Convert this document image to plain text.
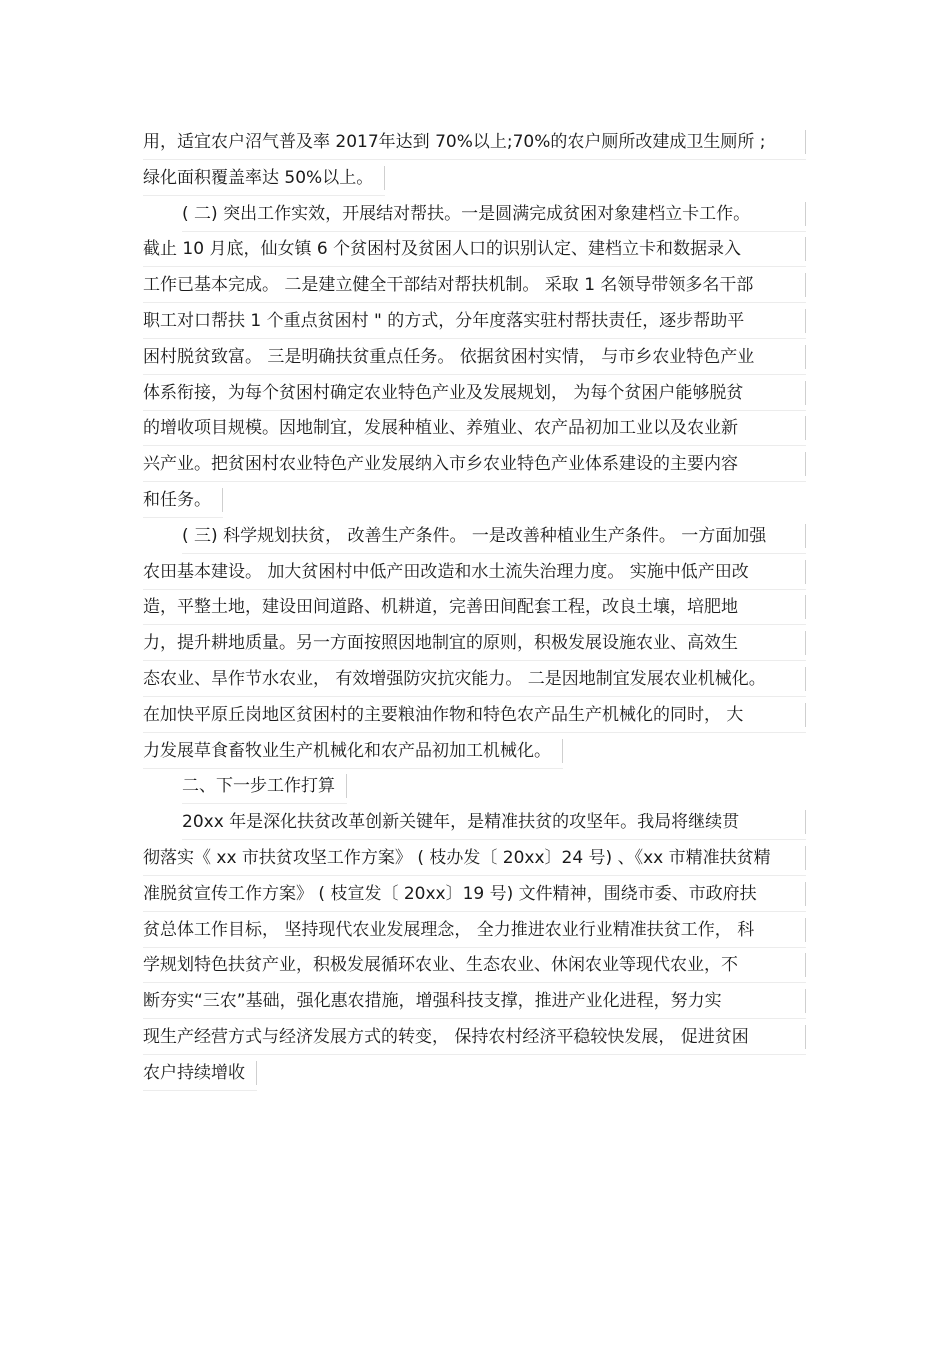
用，适宜农户沼气普及率 2017年达到 70%以上;70%的农户厕所改建成卫生厕所 ;
绿化面积覆盖率达 50%以上。
( 二) 突出工作实效，开展结对帮扶。一是圆满完成贫困对象建档立卡工作。
截止 10 月底，仙女镇 6 个贫困村及贫困人口的识别认定、建档立卡和数据录入
工作已基本完成。 二是建立健全干部结对帮扶机制。 采取 1 名领导带领多名干部
职工对口帮扶 1 个重点贫困村 " 的方式，分年度落实驻村帮扶责任，逐步帮助平
困村脱贫致富。 三是明确扶贫重点任务。 依据贫困村实情， 与市乡农业特色产业
体系衔接，为每个贫困村确定农业特色产业及发展规划， 为每个贫困户能够脱贫
的增收项目规模。因地制宜，发展种植业、养殖业、农产品初加工业以及农业新
兴产业。把贫困村农业特色产业发展纳入市乡农业特色产业体系建设的主要内容
和任务。
( 三) 科学规划扶贫， 改善生产条件。 一是改善种植业生产条件。 一方面加强
农田基本建设。 加大贫困村中低产田改造和水土流失治理力度。 实施中低产田改
造，平整土地，建设田间道路、机耕道，完善田间配套工程，改良土壤，培肥地
力，提升耕地质量。另一方面按照因地制宜的原则，积极发展设施农业、高效生
态农业、旱作节水农业， 有效增强防灾抗灾能力。 二是因地制宜发展农业机械化。
在加快平原丘岗地区贫困村的主要粮油作物和特色农产品生产机械化的同时， 大
力发展草食畜牧业生产机械化和农产品初加工机械化。
二、下一步工作打算
20xx 年是深化扶贫改革创新关键年，是精准扶贫的攻坚年。我局将继续贯
彻落实《 xx 市扶贫攻坚工作方案》 ( 枝办发〔 20xx〕24 号) 、《xx 市精准扶贫精
准脱贫宣传工作方案》 ( 枝宣发〔 20xx〕19 号) 文件精神，围绕市委、市政府扶
贫总体工作目标， 坚持现代农业发展理念， 全力推进农业行业精准扶贫工作， 科
学规划特色扶贫产业，积极发展循环农业、生态农业、休闲农业等现代农业，不
断夯实“三农”基础，强化惠农措施，增强科技支撑，推进产业化进程，努力实
现生产经营方式与经济发展方式的转变， 保持农村经济平稳较快发展， 促进贫困
农户持续增收
